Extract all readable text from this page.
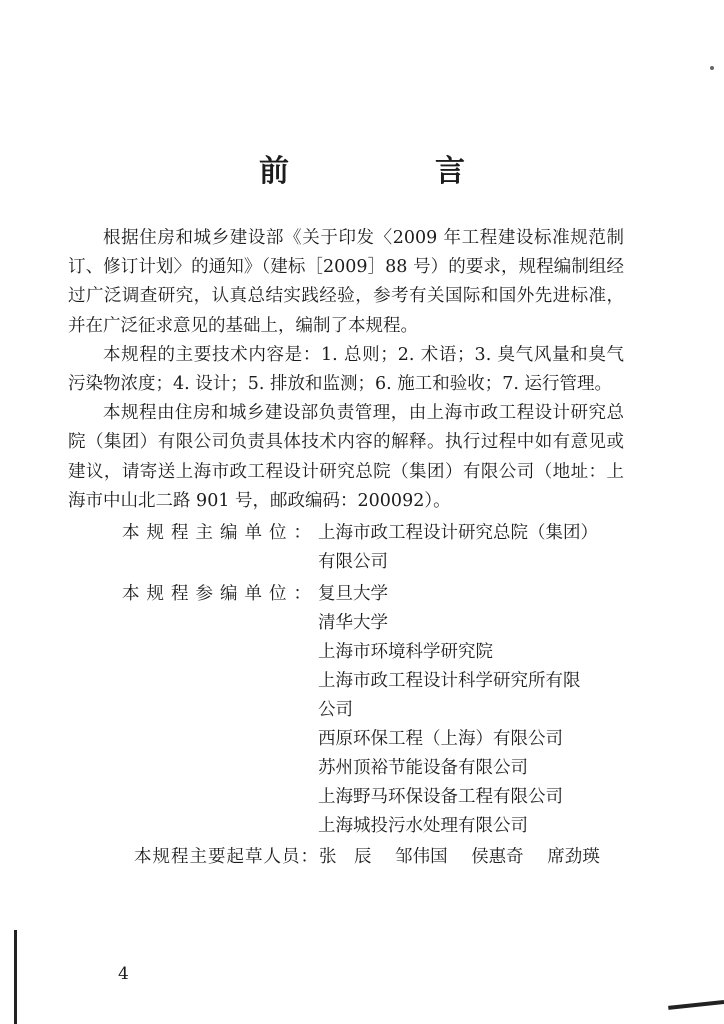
前　言

根据住房和城乡建设部《关于印发〈2009 年工程建设标准规范制订、修订计划〉的通知》（建标［2009］88 号）的要求，规程编制组经过广泛调查研究，认真总结实践经验，参考有关国际和国外先进标准，并在广泛征求意见的基础上，编制了本规程。

本规程的主要技术内容是：1. 总则；2. 术语；3. 臭气风量和臭气污染物浓度；4. 设计；5. 排放和监测；6. 施工和验收；7. 运行管理。

本规程由住房和城乡建设部负责管理，由上海市政工程设计研究总院（集团）有限公司负责具体技术内容的解释。执行过程中如有意见或建议，请寄送上海市政工程设计研究总院（集团）有限公司（地址：上海市中山北二路 901 号，邮政编码：200092）。

本规程主编单位： 上海市政工程设计研究总院（集团）
有限公司
本规程参编单位： 复旦大学
清华大学
上海市环境科学研究院
上海市政工程设计科学研究所有限
公司
西原环保工程（上海）有限公司
苏州顶裕节能设备有限公司
上海野马环保设备工程有限公司
上海城投污水处理有限公司
本规程主要起草人员： 张　辰 邹伟国 侯惠奇 席劲瑛
4
